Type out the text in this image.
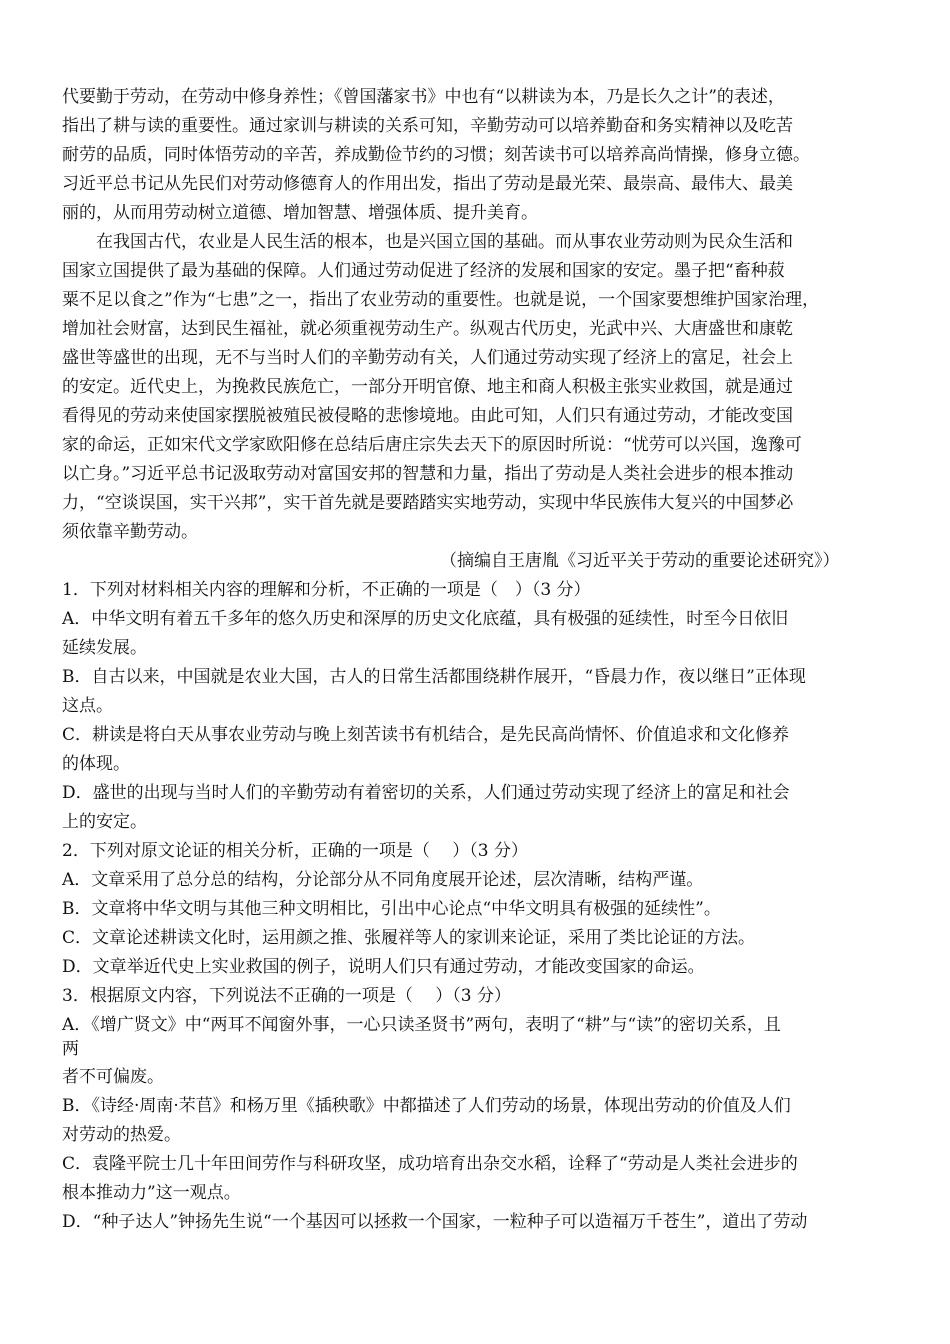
代要勤于劳动，在劳动中修身养性；《曾国藩家书》中也有“以耕读为本，乃是长久之计”的表述，
指出了耕与读的重要性。通过家训与耕读的关系可知，辛勤劳动可以培养勤奋和务实精神以及吃苦
耐劳的品质，同时体悟劳动的辛苦，养成勤俭节约的习惯；刻苦读书可以培养高尚情操，修身立德。
习近平总书记从先民们对劳动修德育人的作用出发，指出了劳动是最光荣、最崇高、最伟大、最美
丽的，从而用劳动树立道德、增加智慧、增强体质、提升美育。
　　在我国古代，农业是人民生活的根本，也是兴国立国的基础。而从事农业劳动则为民众生活和
国家立国提供了最为基础的保障。人们通过劳动促进了经济的发展和国家的安定。墨子把“畜种菽
粟不足以食之”作为“七患”之一，指出了农业劳动的重要性。也就是说，一个国家要想维护国家治理，
增加社会财富，达到民生福祉，就必须重视劳动生产。纵观古代历史，光武中兴、大唐盛世和康乾
盛世等盛世的出现，无不与当时人们的辛勤劳动有关，人们通过劳动实现了经济上的富足，社会上
的安定。近代史上，为挽救民族危亡，一部分开明官僚、地主和商人积极主张实业救国，就是通过
看得见的劳动来使国家摆脱被殖民被侵略的悲惨境地。由此可知，人们只有通过劳动，才能改变国
家的命运，正如宋代文学家欧阳修在总结后唐庄宗失去天下的原因时所说：“忧劳可以兴国，逸豫可
以亡身。”习近平总书记汲取劳动对富国安邦的智慧和力量，指出了劳动是人类社会进步的根本推动
力，“空谈误国，实干兴邦”，实干首先就是要踏踏实实地劳动，实现中华民族伟大复兴的中国梦必
须依靠辛勤劳动。
（摘编自王唐胤《习近平关于劳动的重要论述研究》）
1．下列对材料相关内容的理解和分析，不正确的一项是（　）（3 分）
A．中华文明有着五千多年的悠久历史和深厚的历史文化底蕴，具有极强的延续性，时至今日依旧
延续发展。
B．自古以来，中国就是农业大国，古人的日常生活都围绕耕作展开，“昏晨力作，夜以继日”正体现
这点。
C．耕读是将白天从事农业劳动与晚上刻苦读书有机结合，是先民高尚情怀、价值追求和文化修养
的体现。
D．盛世的出现与当时人们的辛勤劳动有着密切的关系，人们通过劳动实现了经济上的富足和社会
上的安定。
2．下列对原文论证的相关分析，正确的一项是（　 ）（3 分）
A．文章采用了总分总的结构，分论部分从不同角度展开论述，层次清晰，结构严谨。
B．文章将中华文明与其他三种文明相比，引出中心论点“中华文明具有极强的延续性”。
C．文章论述耕读文化时，运用颜之推、张履祥等人的家训来论证，采用了类比论证的方法。
D．文章举近代史上实业救国的例子，说明人们只有通过劳动，才能改变国家的命运。
3．根据原文内容，下列说法不正确的一项是（　 ）（3 分）
A．《增广贤文》中“两耳不闻窗外事，一心只读圣贤书”两句，表明了“耕”与“读”的密切关系，且
两
者不可偏废。
B．《诗经·周南·芣苢》和杨万里《插秧歌》中都描述了人们劳动的场景，体现出劳动的价值及人们
对劳动的热爱。
C．袁隆平院士几十年田间劳作与科研攻坚，成功培育出杂交水稻，诠释了“劳动是人类社会进步的
根本推动力”这一观点。
D．“种子达人”钟扬先生说“一个基因可以拯救一个国家，一粒种子可以造福万千苍生”，道出了劳动
